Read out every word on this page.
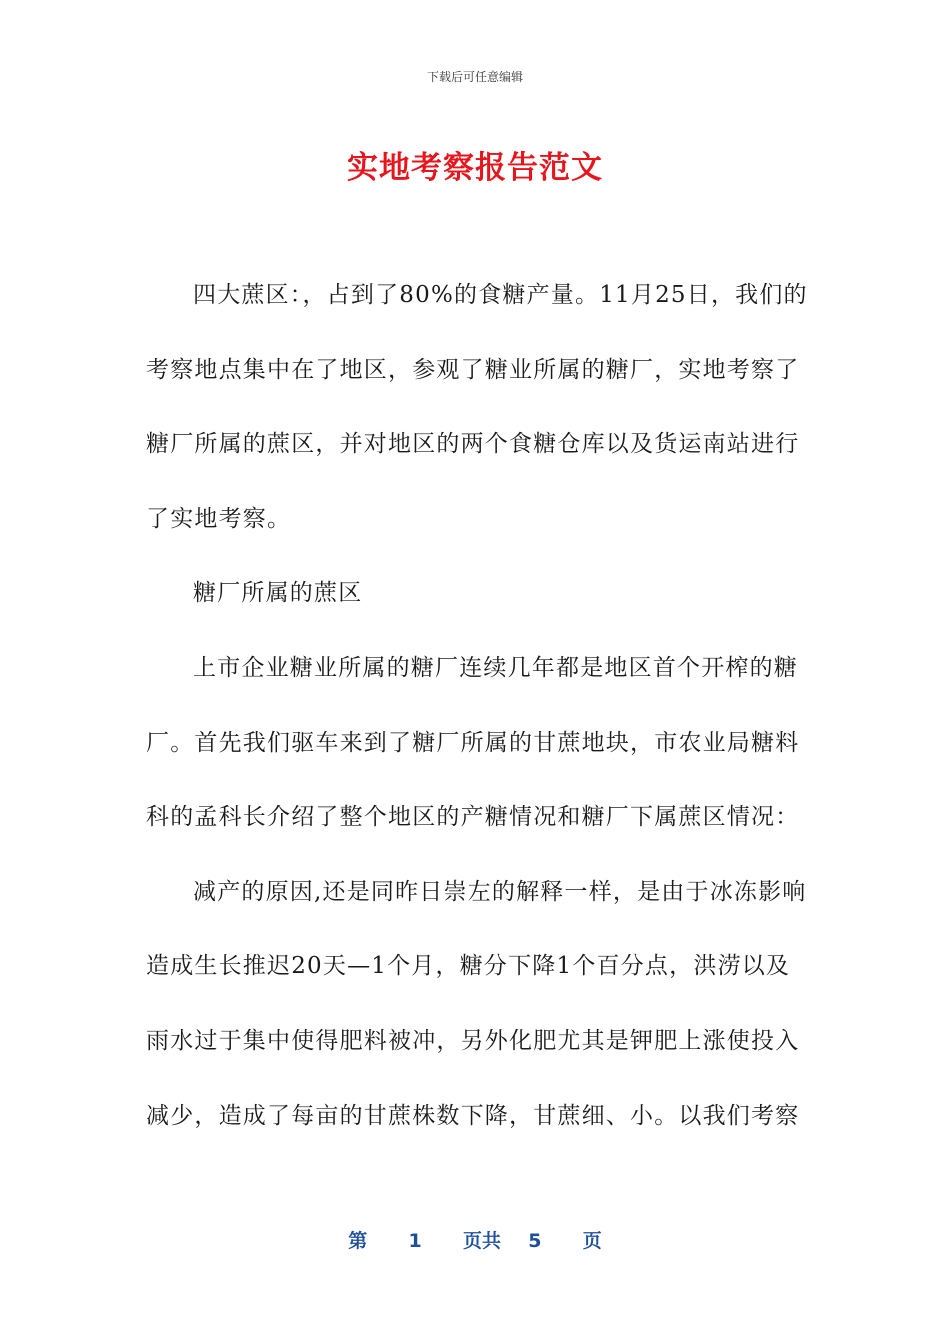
下载后可任意编辑
实地考察报告范文
四大蔗区：，占到了80%的食糖产量。11月25日，我们的
考察地点集中在了地区，参观了糖业所属的糖厂，实地考察了
糖厂所属的蔗区，并对地区的两个食糖仓库以及货运南站进行
了实地考察。
糖厂所属的蔗区
上市企业糖业所属的糖厂连续几年都是地区首个开榨的糖
厂。首先我们驱车来到了糖厂所属的甘蔗地块，市农业局糖料
科的孟科长介绍了整个地区的产糖情况和糖厂下属蔗区情况：
减产的原因,还是同昨日崇左的解释一样，是由于冰冻影响
造成生长推迟20天—1个月，糖分下降1个百分点，洪涝以及
雨水过于集中使得肥料被冲，另外化肥尤其是钾肥上涨使投入
减少，造成了每亩的甘蔗株数下降，甘蔗细、小。以我们考察
第 1 页共 5 页
